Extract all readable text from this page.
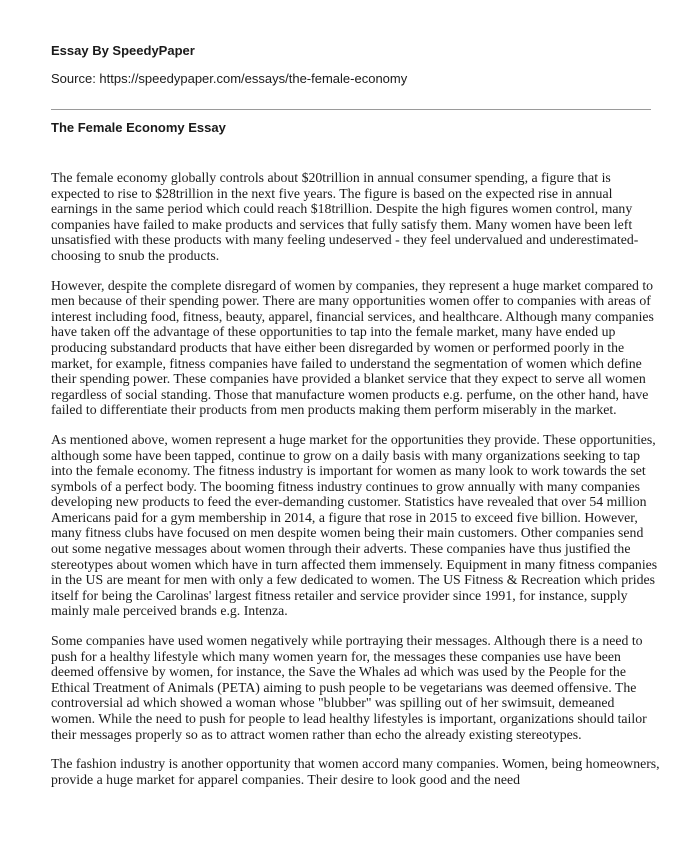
Essay By SpeedyPaper
Source: https://speedypaper.com/essays/the-female-economy
The Female Economy Essay

The female economy globally controls about $20trillion in annual consumer spending, a figure that is expected to rise to $28trillion in the next five years. The figure is based on the expected rise in annual earnings in the same period which could reach $18trillion. Despite the high figures women control, many companies have failed to make products and services that fully satisfy them. Many women have been left unsatisfied with these products with many feeling undeserved - they feel undervalued and underestimated- choosing to snub the products.

However, despite the complete disregard of women by companies, they represent a huge market compared to men because of their spending power. There are many opportunities women offer to companies with areas of interest including food, fitness, beauty, apparel, financial services, and healthcare. Although many companies have taken off the advantage of these opportunities to tap into the female market, many have ended up producing substandard products that have either been disregarded by women or performed poorly in the market, for example, fitness companies have failed to understand the segmentation of women which define their spending power. These companies have provided a blanket service that they expect to serve all women regardless of social standing. Those that manufacture women products e.g. perfume, on the other hand, have failed to differentiate their products from men products making them perform miserably in the market.

As mentioned above, women represent a huge market for the opportunities they provide. These opportunities, although some have been tapped, continue to grow on a daily basis with many organizations seeking to tap into the female economy. The fitness industry is important for women as many look to work towards the set symbols of a perfect body. The booming fitness industry continues to grow annually with many companies developing new products to feed the ever-demanding customer. Statistics have revealed that over 54 million Americans paid for a gym membership in 2014, a figure that rose in 2015 to exceed five billion. However, many fitness clubs have focused on men despite women being their main customers. Other companies send out some negative messages about women through their adverts. These companies have thus justified the stereotypes about women which have in turn affected them immensely. Equipment in many fitness companies in the US are meant for men with only a few dedicated to women. The US Fitness & Recreation which prides itself for being the Carolinas' largest fitness retailer and service provider since 1991, for instance, supply mainly male perceived brands e.g. Intenza.

Some companies have used women negatively while portraying their messages. Although there is a need to push for a healthy lifestyle which many women yearn for, the messages these companies use have been deemed offensive by women, for instance, the Save the Whales ad which was used by the People for the Ethical Treatment of Animals (PETA) aiming to push people to be vegetarians was deemed offensive. The controversial ad which showed a woman whose "blubber" was spilling out of her swimsuit, demeaned women. While the need to push for people to lead healthy lifestyles is important, organizations should tailor their messages properly so as to attract women rather than echo the already existing stereotypes.

The fashion industry is another opportunity that women accord many companies. Women, being homeowners, provide a huge market for apparel companies. Their desire to look good and the need
